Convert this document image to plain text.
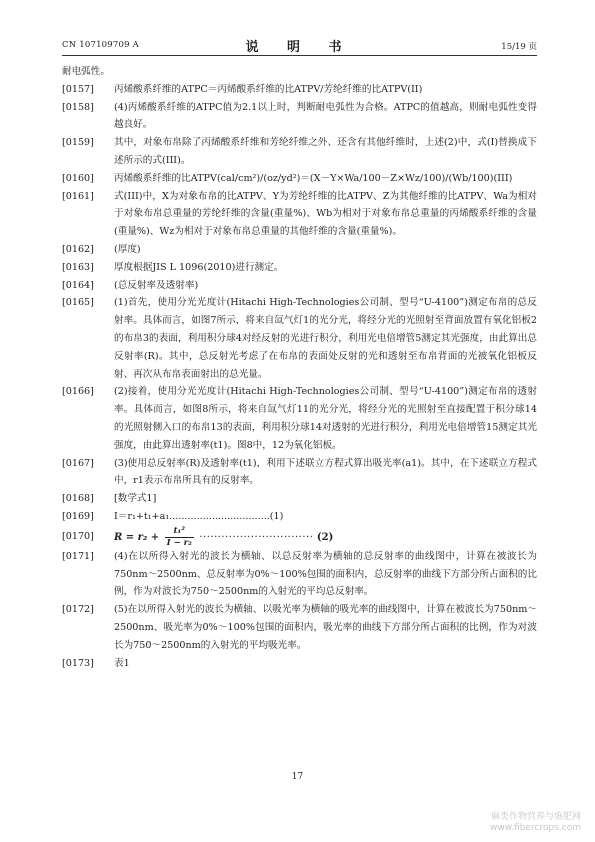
CN 107109709 A	说 明 书	15/19 页
耐电弧性。
[0157] 丙烯酸系纤维的ATPC＝丙烯酸系纤维的比ATPV/芳纶纤维的比ATPV(II)
[0158] (4)丙烯酸系纤维的ATPC值为2.1以上时，判断耐电弧性为合格。ATPC的值越高，则耐电弧性变得越良好。
[0159] 其中，对象布帛除了丙烯酸系纤维和芳纶纤维之外、还含有其他纤维时，上述(2)中，式(I)替换成下述所示的式(III)。
[0160] 丙烯酸系纤维的比ATPV(cal/cm²)/(oz/yd²)＝(X－Y×Wa/100－Z×Wz/100)/(Wb/100)(III)
[0161] 式(III)中，X为对象布帛的比ATPV、Y为芳纶纤维的比ATPV、Z为其他纤维的比ATPV、Wa为相对于对象布帛总重量的芳纶纤维的含量(重量%)、Wb为相对于对象布帛总重量的丙烯酸系纤维的含量(重量%)、Wz为相对于对象布帛总重量的其他纤维的含量(重量%)。
[0162] (厚度)
[0163] 厚度根据JIS L 1096(2010)进行测定。
[0164] (总反射率及透射率)
[0165] (1)首先，使用分光光度计(Hitachi High-Technologies公司制、型号“U-4100”)测定布帛的总反射率。具体而言，如图7所示，将来自氙气灯1的光分光，将经分光的光照射至背面放置有氧化铝板2的布帛3的表面，利用积分球4对经反射的光进行积分，利用光电倍增管5测定其光强度，由此算出总反射率(R)。其中，总反射光考虑了在布帛的表面处反射的光和透射至布帛背面的光被氧化铝板反射、再次从布帛表面射出的总光量。
[0166] (2)接着，使用分光光度计(Hitachi High-Technologies公司制、型号“U-4100”)测定布帛的透射率。具体而言，如图8所示，将来自氙气灯11的光分光，将经分光的光照射至直接配置于积分球14的光照射侧入口的布帛13的表面，利用积分球14对透射的光进行积分，利用光电倍增管15测定其光强度，由此算出透射率(t1)。图8中，12为氧化铝板。
[0167] (3)使用总反射率(R)及透射率(t1)，利用下述联立方程式算出吸光率(a1)。其中，在下述联立方程式中，r1表示布帛所具有的反射率。
[0168] [数学式1]
[0169] I＝r₁+t₁+a₁.................................(1)
[0170] $R = r_2 + \frac{\text{t₁²}}{\text{I − r₂}}$ ······························· (2)
[0171] (4)在以所得入射光的波长为横轴、以总反射率为横轴的总反射率的曲线图中，计算在被波长为750nm～2500nm、总反射率为0%～100%包围的面积内，总反射率的曲线下方部分所占面积的比例，作为对波长为750～2500nm的入射光的平均总反射率。
[0172] (5)在以所得入射光的波长为横轴、以吸光率为横轴的吸光率的曲线图中，计算在被波长为750nm～2500nm、吸光率为0%～100%包围的面积内，吸光率的曲线下方部分所占面积的比例，作为对波长为750～2500nm的入射光的平均吸光率。
[0173] 表1
17
麻类作物营养与施肥网
www.fibercrops.com
